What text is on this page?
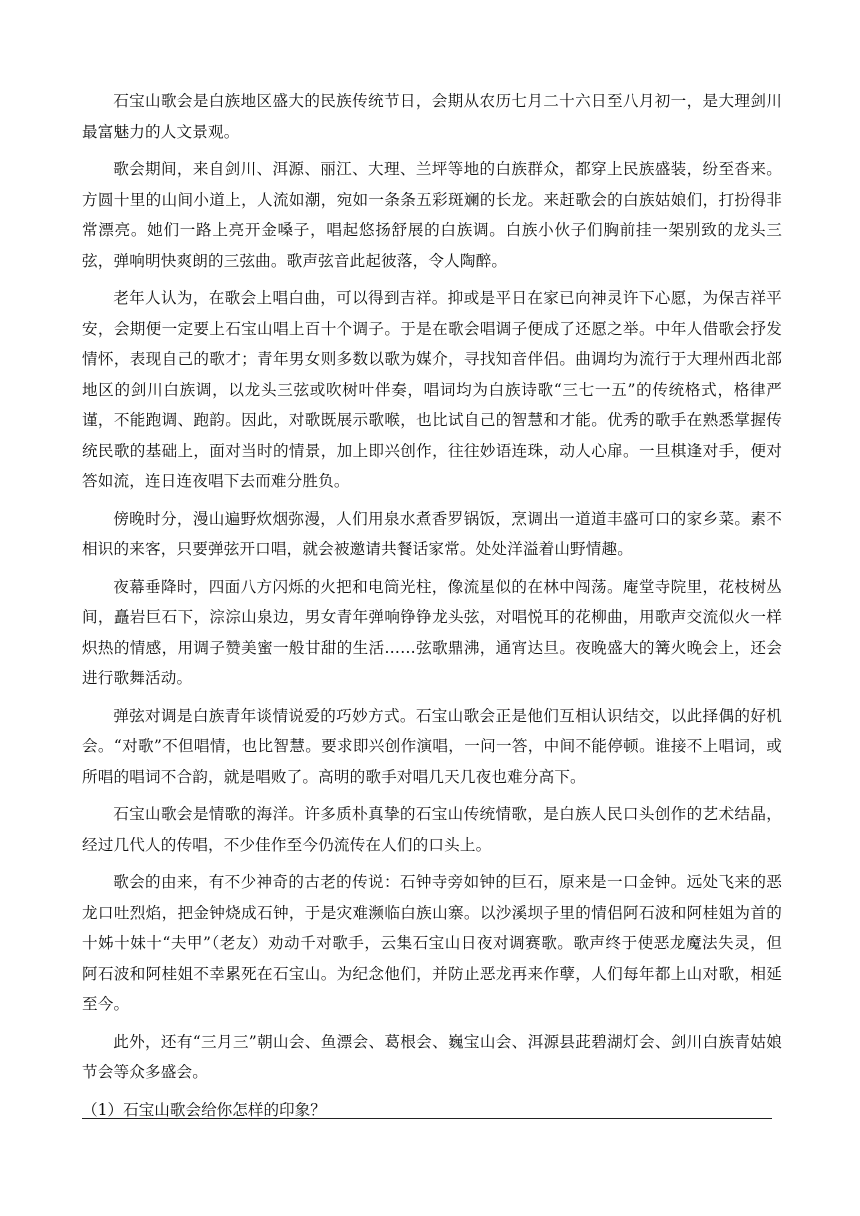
石宝山歌会是白族地区盛大的民族传统节日，会期从农历七月二十六日至八月初一，是大理剑川最富魅力的人文景观。

歌会期间，来自剑川、洱源、丽江、大理、兰坪等地的白族群众，都穿上民族盛装，纷至沓来。方圆十里的山间小道上，人流如潮，宛如一条条五彩斑斓的长龙。来赶歌会的白族姑娘们，打扮得非常漂亮。她们一路上亮开金嗓子，唱起悠扬舒展的白族调。白族小伙子们胸前挂一架别致的龙头三弦，弹响明快爽朗的三弦曲。歌声弦音此起彼落，令人陶醉。

老年人认为，在歌会上唱白曲，可以得到吉祥。抑或是平日在家已向神灵许下心愿，为保吉祥平安，会期便一定要上石宝山唱上百十个调子。于是在歌会唱调子便成了还愿之举。中年人借歌会抒发情怀，表现自己的歌才；青年男女则多数以歌为媒介，寻找知音伴侣。曲调均为流行于大理州西北部地区的剑川白族调，以龙头三弦或吹树叶伴奏，唱词均为白族诗歌“三七一五”的传统格式，格律严谨，不能跑调、跑韵。因此，对歌既展示歌喉，也比试自己的智慧和才能。优秀的歌手在熟悉掌握传统民歌的基础上，面对当时的情景，加上即兴创作，往往妙语连珠，动人心扉。一旦棋逢对手，便对答如流，连日连夜唱下去而难分胜负。

傍晚时分，漫山遍野炊烟弥漫，人们用泉水煮香罗锅饭，烹调出一道道丰盛可口的家乡菜。素不相识的来客，只要弹弦开口唱，就会被邀请共餐话家常。处处洋溢着山野情趣。

夜幕垂降时，四面八方闪烁的火把和电筒光柱，像流星似的在林中闯荡。庵堂寺院里，花枝树丛间，矗岩巨石下，淙淙山泉边，男女青年弹响铮铮龙头弦，对唱悦耳的花柳曲，用歌声交流似火一样炽热的情感，用调子赞美蜜一般甘甜的生活……弦歌鼎沸，通宵达旦。夜晚盛大的篝火晚会上，还会进行歌舞活动。

弹弦对调是白族青年谈情说爱的巧妙方式。石宝山歌会正是他们互相认识结交，以此择偶的好机会。“对歌”不但唱情，也比智慧。要求即兴创作演唱，一问一答，中间不能停顿。谁接不上唱词，或所唱的唱词不合韵，就是唱败了。高明的歌手对唱几天几夜也难分高下。

石宝山歌会是情歌的海洋。许多质朴真挚的石宝山传统情歌，是白族人民口头创作的艺术结晶，经过几代人的传唱，不少佳作至今仍流传在人们的口头上。

歌会的由来，有不少神奇的古老的传说：石钟寺旁如钟的巨石，原来是一口金钟。远处飞来的恶龙口吐烈焰，把金钟烧成石钟，于是灾难濒临白族山寨。以沙溪坝子里的情侣阿石波和阿桂姐为首的十姊十妹十“夫甲”（老友）劝动千对歌手，云集石宝山日夜对调赛歌。歌声终于使恶龙魔法失灵，但阿石波和阿桂姐不幸累死在石宝山。为纪念他们，并防止恶龙再来作孽，人们每年都上山对歌，相延至今。

此外，还有“三月三”朝山会、鱼漂会、葛根会、巍宝山会、洱源县茈碧湖灯会、剑川白族青姑娘节会等众多盛会。

（1）石宝山歌会给你怎样的印象？
